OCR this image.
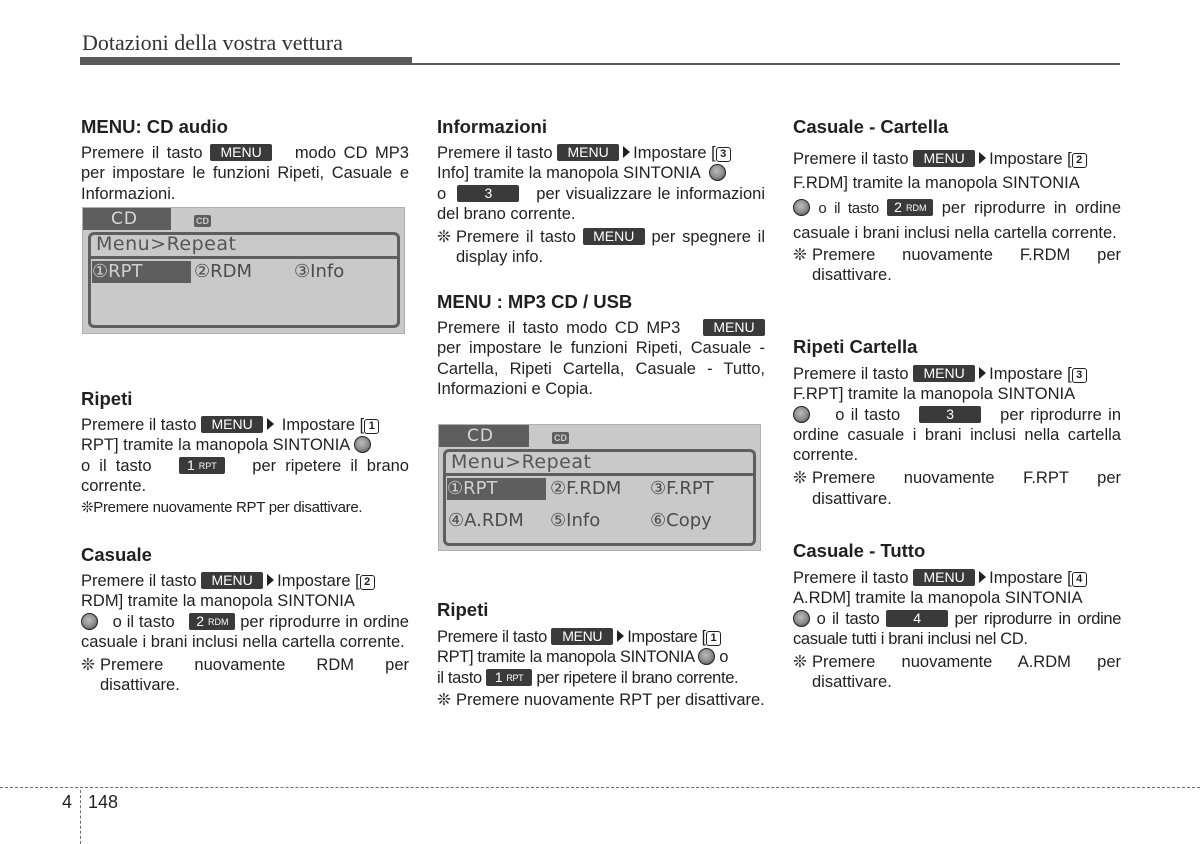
Dotazioni della vostra vettura
MENU: CD audio

Premere il tasto MENU modo CD MP3 per impostare le funzioni Ripeti, Casuale e Informazioni.

CD	CD
Menu>Repeat
①RPT	②RDM ③Info
Ripeti

Premere il tasto MENU Impostare [ 1
RPT] tramite la manopola SINTONIA
o il tasto	1 RPT per ripetere il brano corrente.

❊ Premere nuovamente RPT per disattivare.
Casuale

Premere il tasto MENU Impostare [ 2
RDM] tramite la manopola SINTONIA
o il tasto 2 RDM per riprodurre in ordine casuale i brani inclusi nella cartella corrente.

❊ Premere nuovamente RDM per disattivare.
Informazioni

Premere il tasto MENU Impostare [ 3
Info] tramite la manopola SINTONIA
o	3	per visualizzare le informazioni del brano corrente.

❊ Premere il tasto MENU per spegnere il display info.
MENU : MP3 CD / USB

Premere il tasto modo CD MP3 MENU per impostare le funzioni Ripeti, Casuale - Cartella, Ripeti Cartella, Casuale - Tutto, Informazioni e Copia.

CD	CD
Menu>Repeat
①RPT	②F.RDM ③F.RPT
④A.RDM ⑤Info	⑥Copy
Ripeti

Premere il tasto MENU Impostare [ 1
RPT] tramite la manopola SINTONIA o
il tasto 1 RPT per ripetere il brano corrente.

❊ Premere nuovamente RPT per disattivare.
Casuale - Cartella

Premere il tasto MENU Impostare [ 2
F.RDM] tramite la manopola SINTONIA
o il tasto 2 RDM per riprodurre in ordine casuale i brani inclusi nella cartella corrente.

❊ Premere nuovamente F.RDM per disattivare.
Ripeti Cartella

Premere il tasto MENU Impostare [ 3
F.RPT] tramite la manopola SINTONIA
o il tasto	3	per riprodurre in ordine casuale i brani inclusi nella cartella corrente.

❊ Premere nuovamente F.RPT per disattivare.
Casuale - Tutto

Premere il tasto MENU Impostare [ 4
A.RDM] tramite la manopola SINTONIA
o il tasto 4 per riprodurre in ordine casuale tutti i brani inclusi nel CD.

❊ Premere nuovamente A.RDM per disattivare.
4 148
